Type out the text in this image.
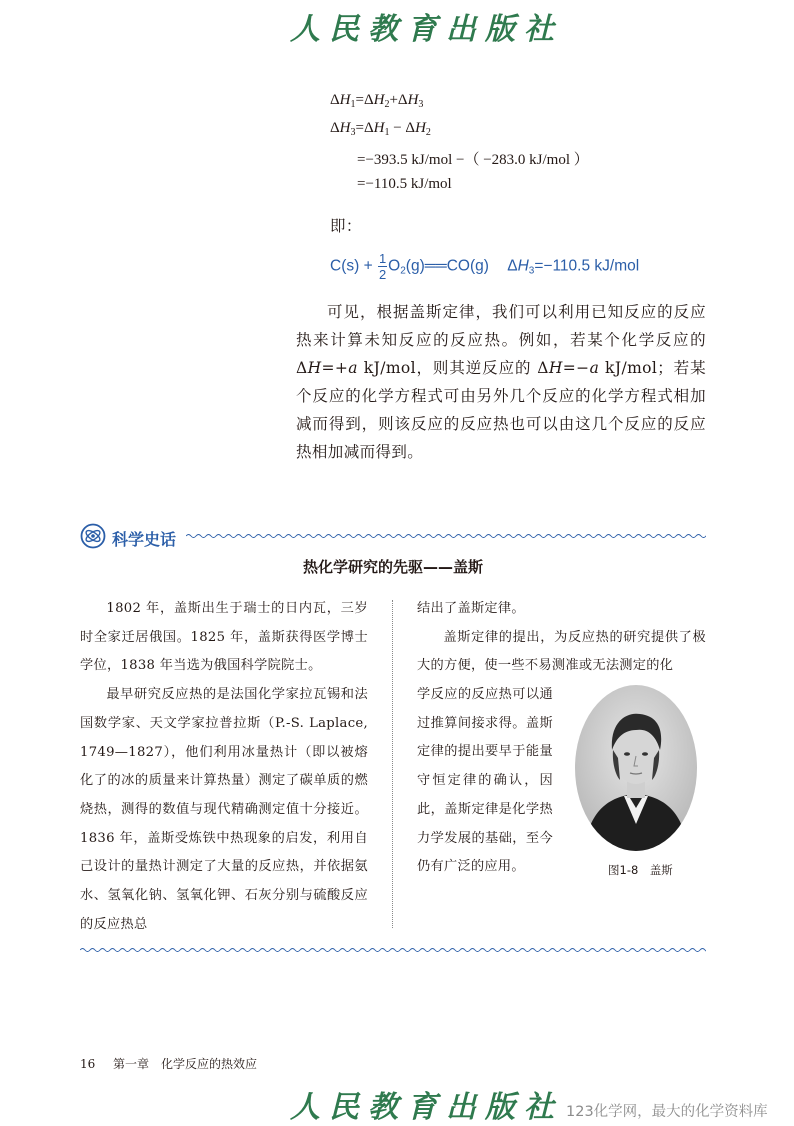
人民教育出版社
$\Delta H_1=\Delta H_2+\Delta H_3$
$\Delta H_3=\Delta H_1 - \Delta H_2$
=−393.5 kJ/mol −（ −283.0 kJ/mol ）
=−110.5 kJ/mol
即：
$C(s) + \frac{1}{2}$ $O_2(g)══CO(g)$ $\Delta H_3=-110.5$ kJ/mol
可见，根据盖斯定律，我们可以利用已知反应的反应热来计算未知反应的反应热。例如，若某个化学反应的 ΔH=+a kJ/mol，则其逆反应的 ΔH=−a kJ/mol；若某个反应的化学方程式可由另外几个反应的化学方程式相加减而得到，则该反应的反应热也可以由这几个反应的反应热相加减而得到。
科学史话
热化学研究的先驱——盖斯

1802 年，盖斯出生于瑞士的日内瓦，三岁时全家迁居俄国。1825 年，盖斯获得医学博士学位，1838 年当选为俄国科学院院士。

最早研究反应热的是法国化学家拉瓦锡和法国数学家、天文学家拉普拉斯（P.-S. Laplace, 1749—1827），他们利用冰量热计（即以被熔化了的冰的质量来计算热量）测定了碳单质的燃烧热，测得的数值与现代精确测定值十分接近。1836 年，盖斯受炼铁中热现象的启发，利用自己设计的量热计测定了大量的反应热，并依据氨水、氢氧化钠、氢氧化钾、石灰分别与硫酸反应的反应热总

结出了盖斯定律。

盖斯定律的提出，为反应热的研究提供了极大的方便，使一些不易测准或无法测定的化

学反应的反应热可以通过推算间接求得。盖斯定律的提出要早于能量守恒定律的确认，因此，盖斯定律是化学热力学发展的基础，至今仍有广泛的应用。	图1-8　盖斯
16 第一章　化学反应的热效应
人民教育出版社 123化学网，最大的化学资料库
